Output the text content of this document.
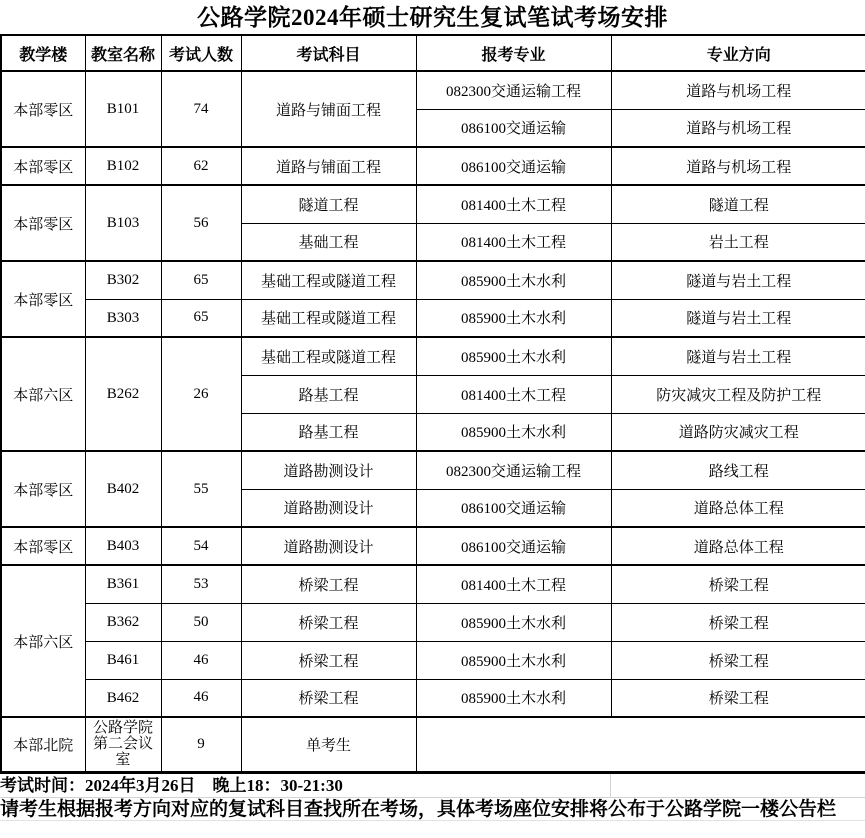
公路学院2024年硕士研究生复试笔试考场安排
教学楼	教室名称	考试人数	考试科目	报考专业	专业方向
本部零区	B101	74	道路与铺面工程	082300交通运输工程	道路与机场工程
				086100交通运输	道路与机场工程
本部零区	B102	62	道路与铺面工程	086100交通运输	道路与机场工程
本部零区	B103	56	隧道工程	081400土木工程	隧道工程
			基础工程	081400土木工程	岩土工程
本部零区	B302	65	基础工程或隧道工程	085900土木水利	隧道与岩土工程
	B303	65	基础工程或隧道工程	085900土木水利	隧道与岩土工程
本部六区	B262	26	基础工程或隧道工程	085900土木水利	隧道与岩土工程
			路基工程	081400土木工程	防灾减灾工程及防护工程
			路基工程	085900土木水利	道路防灾减灾工程
本部零区	B402	55	道路勘测设计	082300交通运输工程	路线工程
			道路勘测设计	086100交通运输	道路总体工程
本部零区	B403	54	道路勘测设计	086100交通运输	道路总体工程
本部六区	B361	53	桥梁工程	081400土木工程	桥梁工程
	B362	50	桥梁工程	085900土木水利	桥梁工程
	B461	46	桥梁工程	085900土木水利	桥梁工程
	B462	46	桥梁工程	085900土木水利	桥梁工程
本部北院	公路学院第二会议室	9	单考生		
考试时间：2024年3月26日　晚上18：30-21:30
请考生根据报考方向对应的复试科目查找所在考场，具体考场座位安排将公布于公路学院一楼公告栏
